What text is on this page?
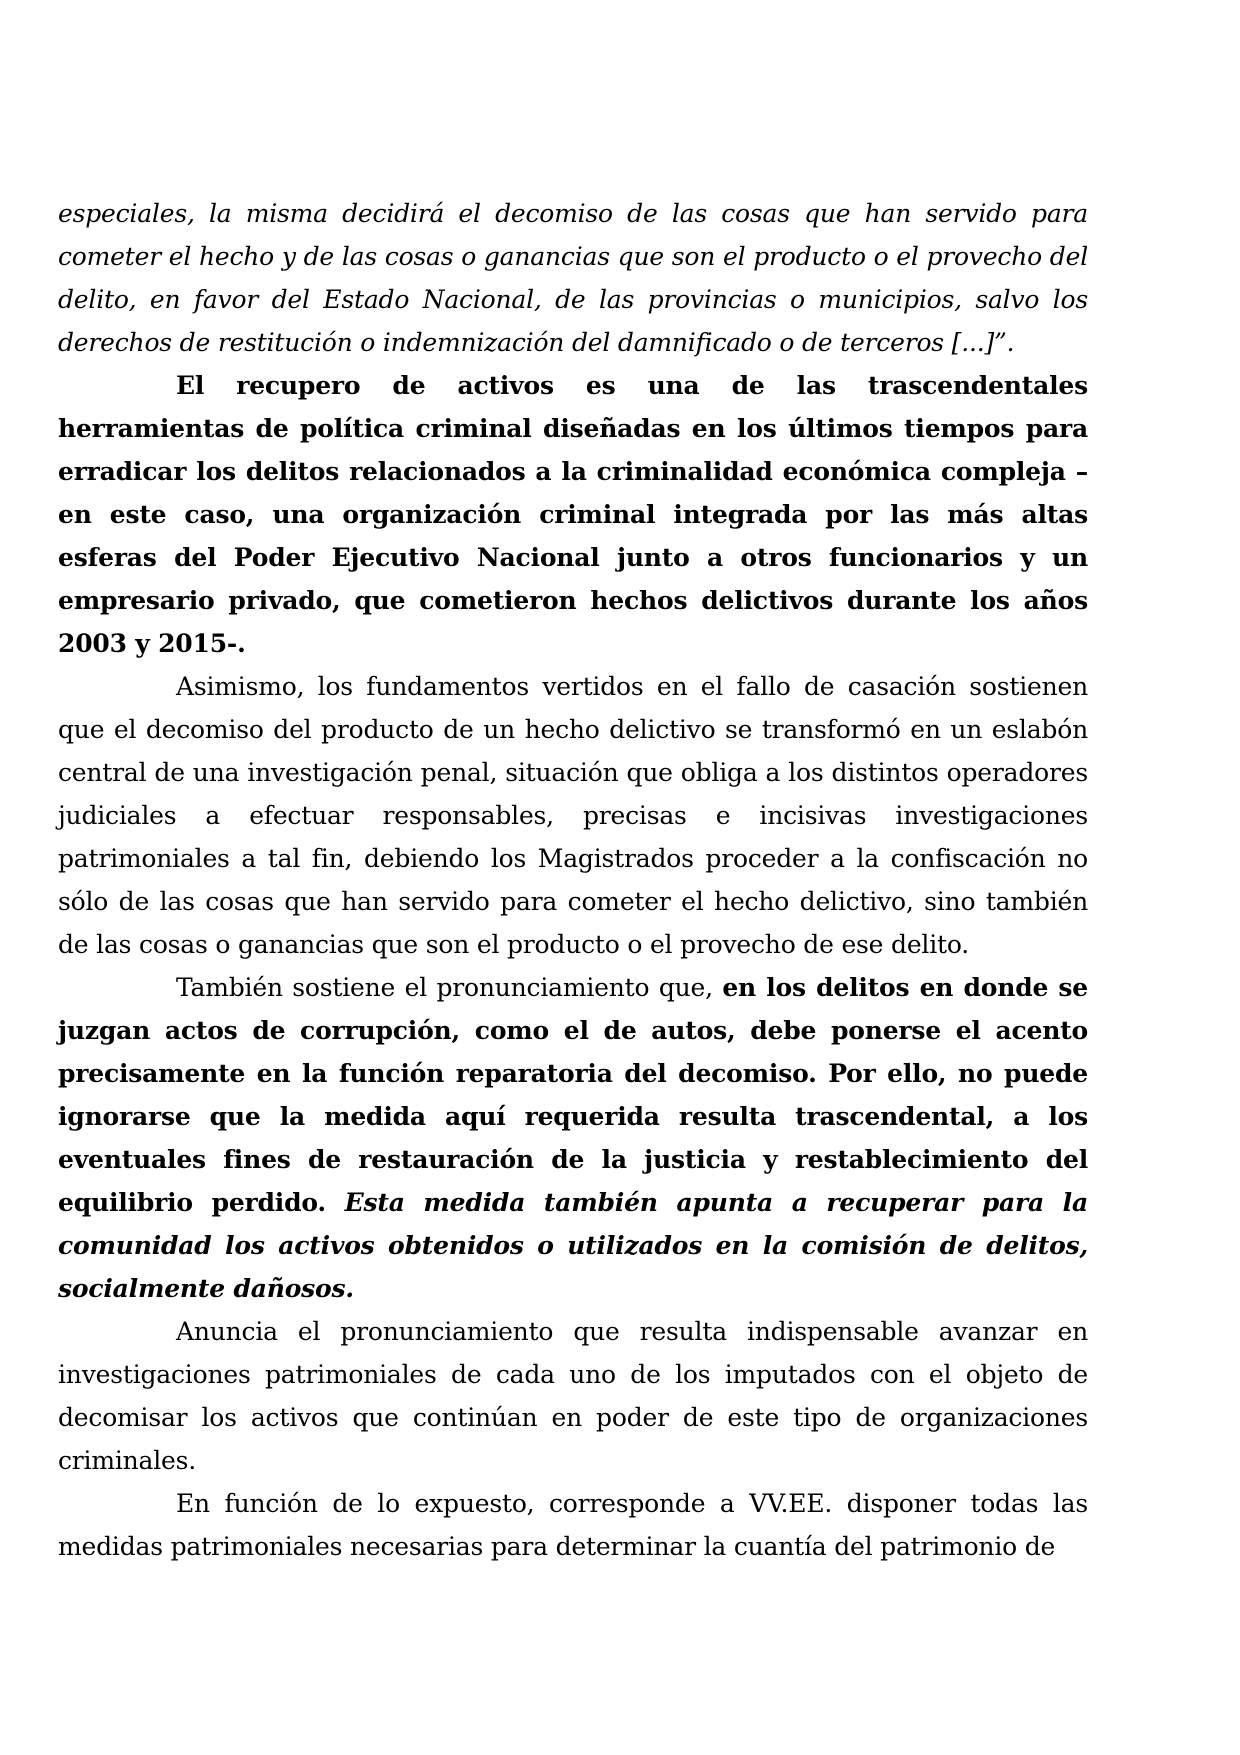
especiales, la misma decidirá el decomiso de las cosas que han servido para cometer el hecho y de las cosas o ganancias que son el producto o el provecho del delito, en favor del Estado Nacional, de las provincias o municipios, salvo los derechos de restitución o indemnización del damnificado o de terceros [...]”.

El recupero de activos es una de las trascendentales herramientas de política criminal diseñadas en los últimos tiempos para erradicar los delitos relacionados a la criminalidad económica compleja –en este caso, una organización criminal integrada por las más altas esferas del Poder Ejecutivo Nacional junto a otros funcionarios y un empresario privado, que cometieron hechos delictivos durante los años 2003 y 2015-.

Asimismo, los fundamentos vertidos en el fallo de casación sostienen que el decomiso del producto de un hecho delictivo se transformó en un eslabón central de una investigación penal, situación que obliga a los distintos operadores judiciales a efectuar responsables, precisas e incisivas investigaciones patrimoniales a tal fin, debiendo los Magistrados proceder a la confiscación no sólo de las cosas que han servido para cometer el hecho delictivo, sino también de las cosas o ganancias que son el producto o el provecho de ese delito.

También sostiene el pronunciamiento que, en los delitos en donde se juzgan actos de corrupción, como el de autos, debe ponerse el acento precisamente en la función reparatoria del decomiso. Por ello, no puede ignorarse que la medida aquí requerida resulta trascendental, a los eventuales fines de restauración de la justicia y restablecimiento del equilibrio perdido. Esta medida también apunta a recuperar para la comunidad los activos obtenidos o utilizados en la comisión de delitos, socialmente dañosos.

Anuncia el pronunciamiento que resulta indispensable avanzar en investigaciones patrimoniales de cada uno de los imputados con el objeto de decomisar los activos que continúan en poder de este tipo de organizaciones criminales.

En función de lo expuesto, corresponde a VV.EE. disponer todas las medidas patrimoniales necesarias para determinar la cuantía del patrimonio de
